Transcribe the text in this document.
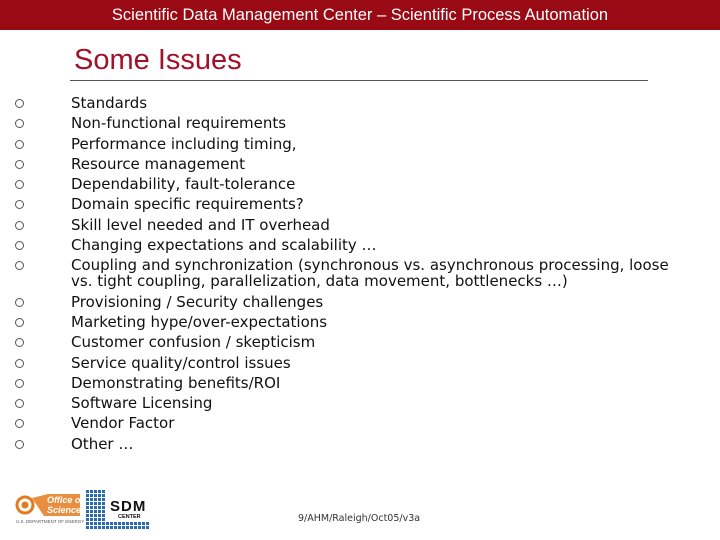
Scientific Data Management Center – Scientific Process Automation
Some Issues
Standards
Non-functional requirements
Performance including timing,
Resource management
Dependability, fault-tolerance
Domain specific requirements?
Skill level needed and IT overhead
Changing expectations and scalability …
Coupling and synchronization (synchronous vs. asynchronous processing, loose vs. tight coupling, parallelization, data movement, bottlenecks …)
Provisioning / Security challenges
Marketing hype/over-expectations
Customer confusion / skepticism
Service quality/control issues
Demonstrating benefits/ROI
Software Licensing
Vendor Factor
Other …
Office of
Science
U.S. DEPARTMENT OF ENERGY
SDM
CENTER	9/AHM/Raleigh/Oct05/v3a
